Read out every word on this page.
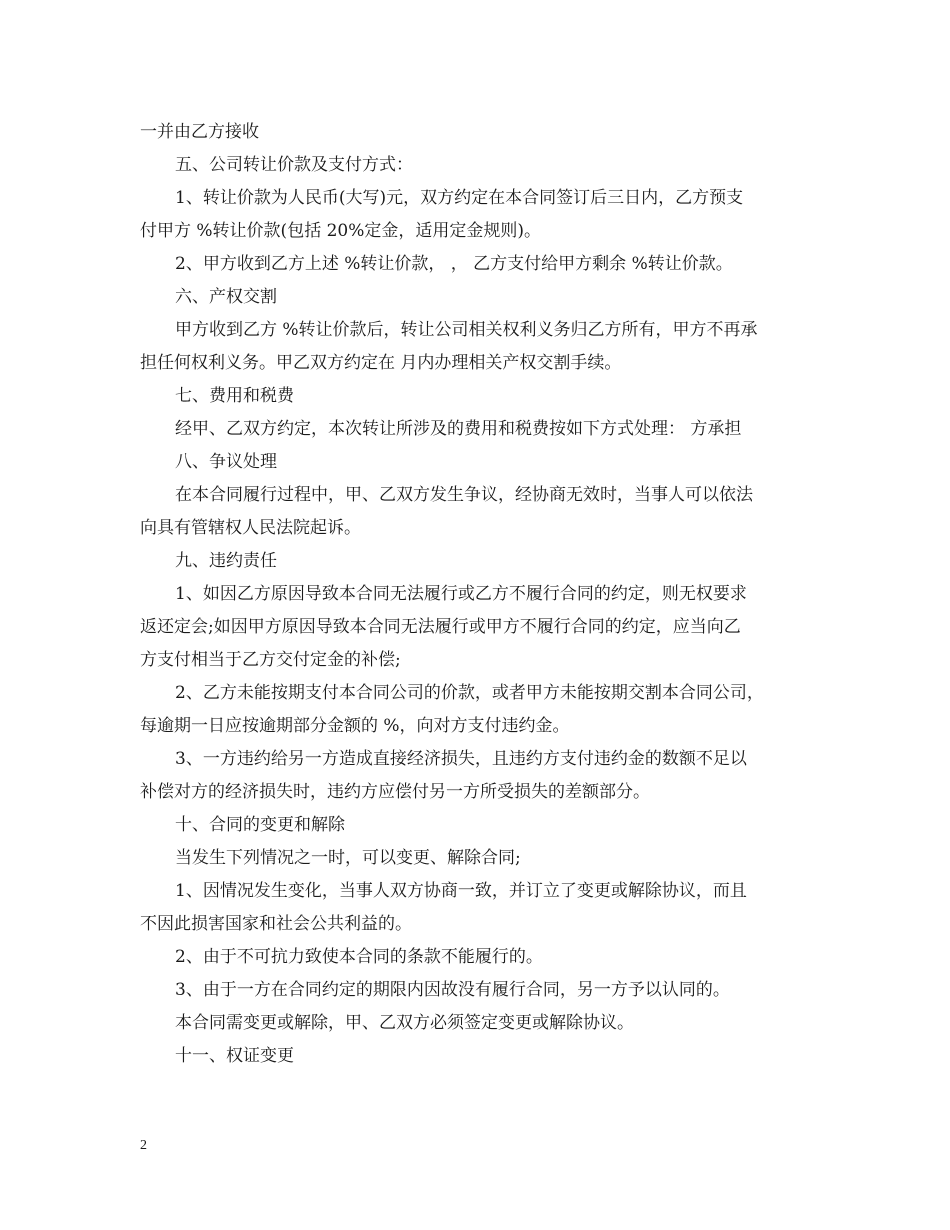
一并由乙方接收
五、公司转让价款及支付方式：
1、转让价款为人民币(大写)元，双方约定在本合同签订后三日内，乙方预支
付甲方 %转让价款(包括 20%定金，适用定金规则)。
2、甲方收到乙方上述 %转让价款， ， 乙方支付给甲方剩余 %转让价款。
六、产权交割
甲方收到乙方 %转让价款后，转让公司相关权利义务归乙方所有，甲方不再承
担任何权利义务。甲乙双方约定在 月内办理相关产权交割手续。
七、费用和税费
经甲、乙双方约定，本次转让所涉及的费用和税费按如下方式处理： 方承担
八、争议处理
在本合同履行过程中，甲、乙双方发生争议，经协商无效时，当事人可以依法
向具有管辖权人民法院起诉。
九、违约责任
1、如因乙方原因导致本合同无法履行或乙方不履行合同的约定，则无权要求
返还定会;如因甲方原因导致本合同无法履行或甲方不履行合同的约定，应当向乙
方支付相当于乙方交付定金的补偿;
2、乙方未能按期支付本合同公司的价款，或者甲方未能按期交割本合同公司，
每逾期一日应按逾期部分金额的 %，向对方支付违约金。
3、一方违约给另一方造成直接经济损失，且违约方支付违约金的数额不足以
补偿对方的经济损失时，违约方应偿付另一方所受损失的差额部分。
十、合同的变更和解除
当发生下列情况之一时，可以变更、解除合同;
1、因情况发生变化，当事人双方协商一致，并订立了变更或解除协议，而且
不因此损害国家和社会公共利益的。
2、由于不可抗力致使本合同的条款不能履行的。
3、由于一方在合同约定的期限内因故没有履行合同，另一方予以认同的。
本合同需变更或解除，甲、乙双方必须签定变更或解除协议。
十一、权证变更
2
